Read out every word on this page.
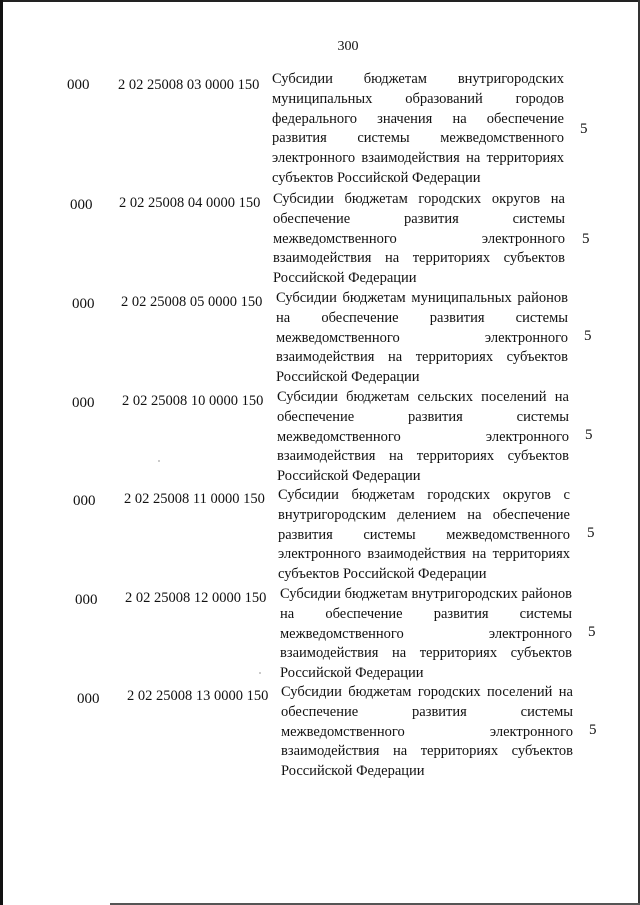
300
000 2 02 25008 03 0000 150 Субсидии бюджетам внутригородских муниципальных образований городов федерального значения на обеспечение развития системы межведомственного электронного взаимодействия на территориях субъектов Российской Федерации
5
000 2 02 25008 04 0000 150 Субсидии бюджетам городских округов на обеспечение развития системы межведомственного электронного взаимодействия на территориях субъектов Российской Федерации
5
000 2 02 25008 05 0000 150 Субсидии бюджетам муниципальных районов на обеспечение развития системы межведомственного электронного взаимодействия на территориях субъектов Российской Федерации
5
000 2 02 25008 10 0000 150 Субсидии бюджетам сельских поселений на обеспечение развития системы межведомственного электронного взаимодействия на территориях субъектов Российской Федерации
5
000 2 02 25008 11 0000 150 Субсидии бюджетам городских округов с внутригородским делением на обеспечение развития системы межведомственного электронного взаимодействия на территориях субъектов Российской Федерации
5
000 2 02 25008 12 0000 150 Субсидии бюджетам внутригородских районов на обеспечение развития системы межведомственного электронного взаимодействия на территориях субъектов Российской Федерации
5
000 2 02 25008 13 0000 150 Субсидии бюджетам городских поселений на обеспечение развития системы межведомственного электронного взаимодействия на территориях субъектов Российской Федерации
5
